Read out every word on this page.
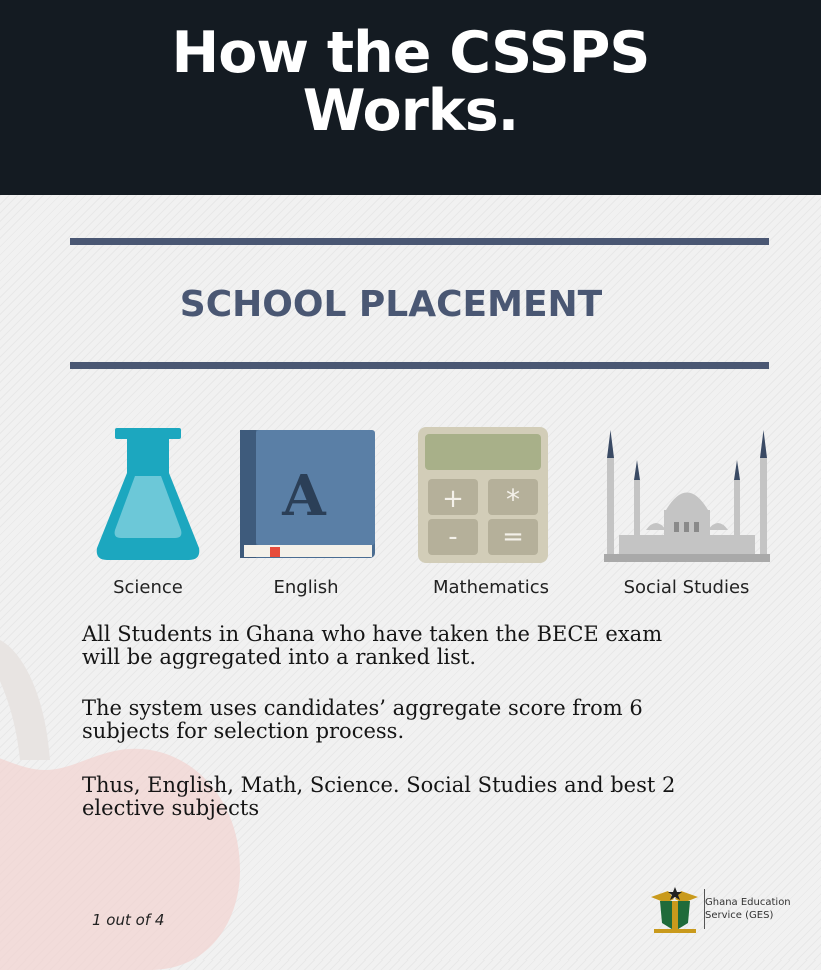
How the CSSPS
Works.
SCHOOL PLACEMENT
Science
A
English
+ *
- =
Mathematics	Social Studies
All Students in Ghana who have taken the BECE exam
will be aggregated into a ranked list.
The system uses candidates’ aggregate score from 6
subjects for selection process.
Thus, English, Math, Science. Social Studies and best 2
elective subjects
1 out of 4
Ghana Education
Service (GES)
